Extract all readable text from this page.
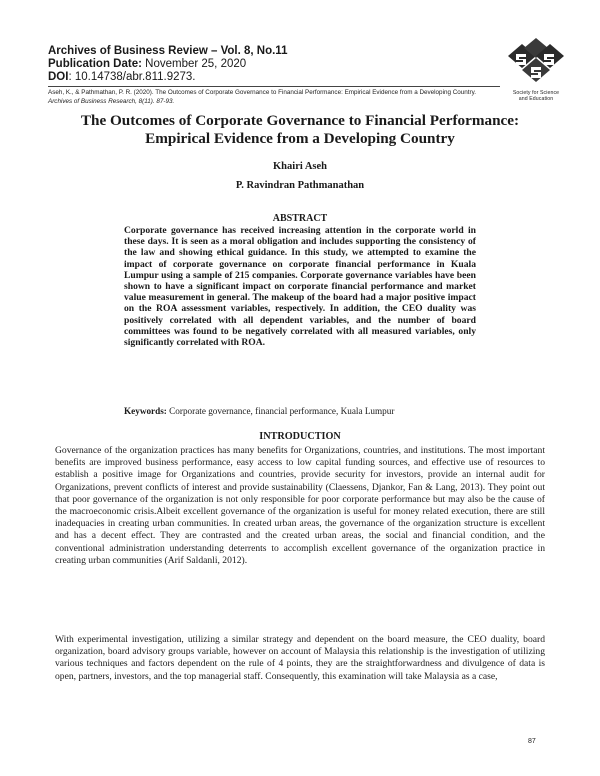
Archives of Business Review – Vol. 8, No.11
Publication Date: November 25, 2020
DOI: 10.14738/abr.811.9273.
Aseh, K., & Pathmathan, P. R. (2020). The Outcomes of Corporate Governance to Financial Performance: Empirical Evidence from a Developing Country. Archives of Business Research, 8(11). 87-93.
Society for Science
and Education
The Outcomes of Corporate Governance to Financial Performance:
Empirical Evidence from a Developing Country
Khairi Aseh
P. Ravindran Pathmanathan
ABSTRACT
Corporate governance has received increasing attention in the corporate world in these days. It is seen as a moral obligation and includes supporting the consistency of the law and showing ethical guidance. In this study, we attempted to examine the impact of corporate governance on corporate financial performance in Kuala Lumpur using a sample of 215 companies. Corporate governance variables have been shown to have a significant impact on corporate financial performance and market value measurement in general. The makeup of the board had a major positive impact on the ROA assessment variables, respectively. In addition, the CEO duality was positively correlated with all dependent variables, and the number of board committees was found to be negatively correlated with all measured variables, only significantly correlated with ROA.
Keywords: Corporate governance, financial performance, Kuala Lumpur
INTRODUCTION
Governance of the organization practices has many benefits for Organizations, countries, and institutions. The most important benefits are improved business performance, easy access to low capital funding sources, and effective use of resources to establish a positive image for Organizations and countries, provide security for investors, provide an internal audit for Organizations, prevent conflicts of interest and provide sustainability (Claessens, Djankor, Fan & Lang, 2013). They point out that poor governance of the organization is not only responsible for poor corporate performance but may also be the cause of the macroeconomic crisis.Albeit excellent governance of the organization is useful for money related execution, there are still inadequacies in creating urban communities. In created urban areas, the governance of the organization structure is excellent and has a decent effect. They are contrasted and the created urban areas, the social and financial condition, and the conventional administration understanding deterrents to accomplish excellent governance of the organization practice in creating urban communities (Arif Saldanli, 2012).
With experimental investigation, utilizing a similar strategy and dependent on the board measure, the CEO duality, board organization, board advisory groups variable, however on account of Malaysia this relationship is the investigation of utilizing various techniques and factors dependent on the rule of 4 points, they are the straightforwardness and divulgence of data is open, partners, investors, and the top managerial staff. Consequently, this examination will take Malaysia as a case,
87
